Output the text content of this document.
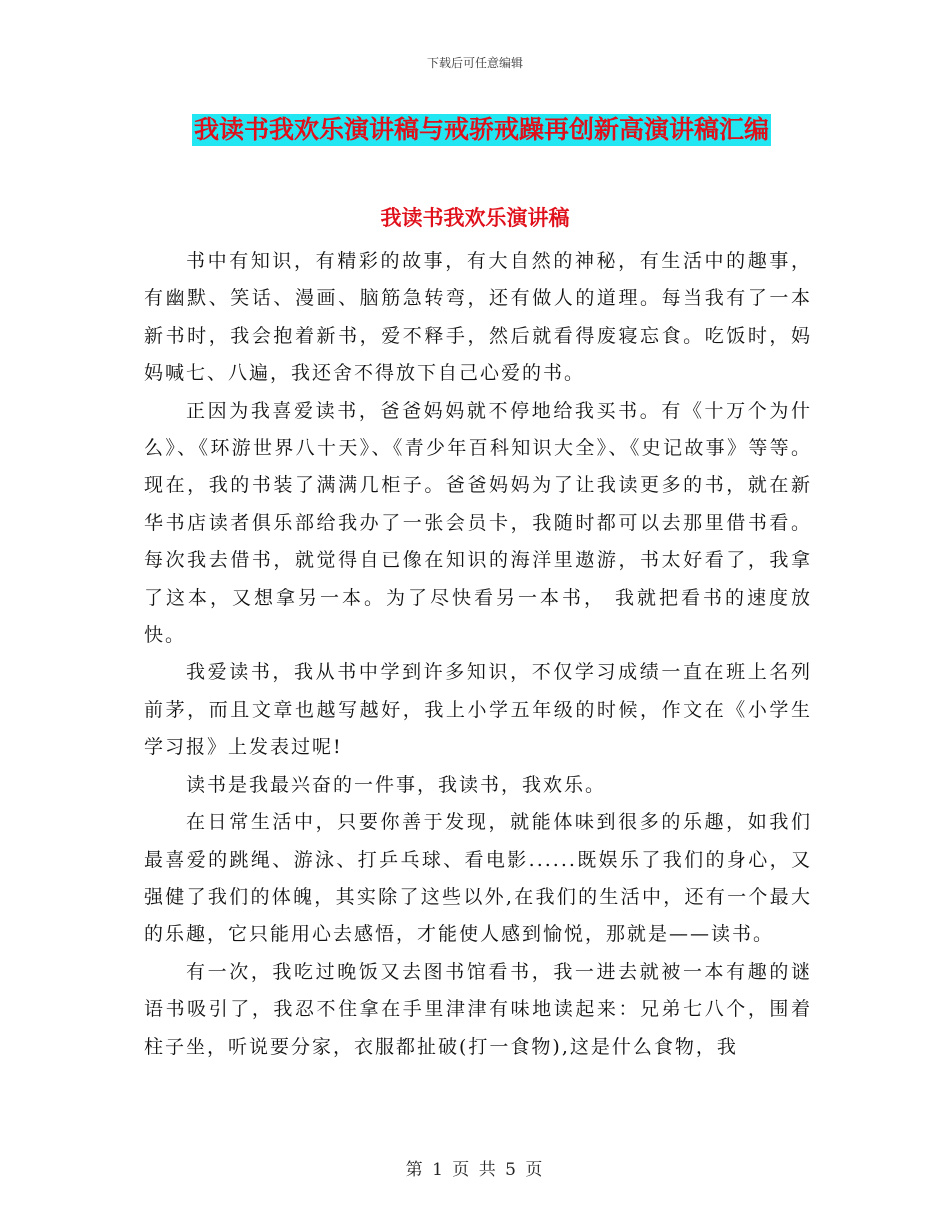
下载后可任意编辑
我读书我欢乐演讲稿与戒骄戒躁再创新高演讲稿汇编
我读书我欢乐演讲稿

书中有知识，有精彩的故事，有大自然的神秘，有生活中的趣事，有幽默、笑话、漫画、脑筋急转弯，还有做人的道理。每当我有了一本新书时，我会抱着新书，爱不释手，然后就看得废寝忘食。吃饭时，妈妈喊七、八遍，我还舍不得放下自己心爱的书。

正因为我喜爱读书，爸爸妈妈就不停地给我买书。有《十万个为什么》、《环游世界八十天》、《青少年百科知识大全》、《史记故事》等等。现在，我的书装了满满几柜子。爸爸妈妈为了让我读更多的书，就在新华书店读者俱乐部给我办了一张会员卡，我随时都可以去那里借书看。每次我去借书，就觉得自已像在知识的海洋里遨游，书太好看了，我拿了这本，又想拿另一本。为了尽快看另一本书， 我就把看书的速度放快。

我爱读书，我从书中学到许多知识，不仅学习成绩一直在班上名列前茅，而且文章也越写越好，我上小学五年级的时候，作文在《小学生学习报》上发表过呢!

读书是我最兴奋的一件事，我读书，我欢乐。

在日常生活中，只要你善于发现，就能体味到很多的乐趣，如我们最喜爱的跳绳、游泳、打乒乓球、看电影......既娱乐了我们的身心，又强健了我们的体魄，其实除了这些以外,在我们的生活中，还有一个最大的乐趣，它只能用心去感悟，才能使人感到愉悦，那就是——读书。

有一次，我吃过晚饭又去图书馆看书，我一进去就被一本有趣的谜语书吸引了，我忍不住拿在手里津津有味地读起来：兄弟七八个，围着柱子坐，听说要分家，衣服都扯破(打一食物),这是什么食物，我

第 1 页 共 5 页
